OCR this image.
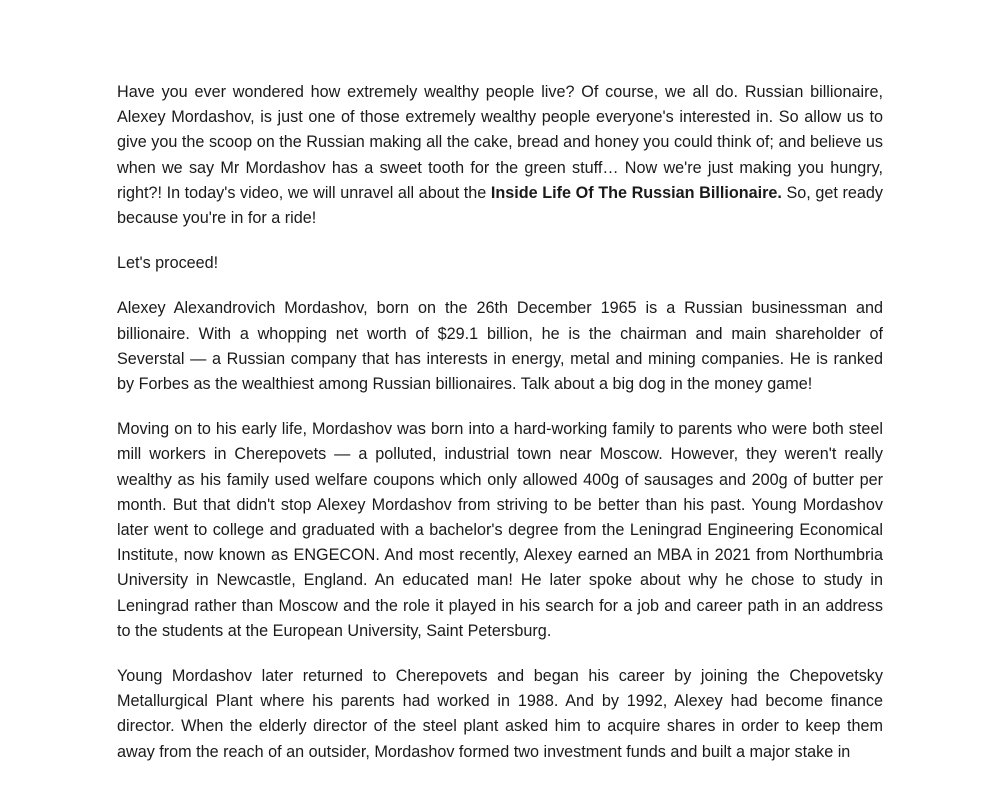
Have you ever wondered how extremely wealthy people live? Of course, we all do. Russian billionaire, Alexey Mordashov, is just one of those extremely wealthy people everyone's interested in. So allow us to give you the scoop on the Russian making all the cake, bread and honey you could think of; and believe us when we say Mr Mordashov has a sweet tooth for the green stuff… Now we're just making you hungry, right?! In today's video, we will unravel all about the Inside Life Of The Russian Billionaire. So, get ready because you're in for a ride!

Let's proceed!

Alexey Alexandrovich Mordashov, born on the 26th December 1965 is a Russian businessman and billionaire. With a whopping net worth of $29.1 billion, he is the chairman and main shareholder of Severstal — a Russian company that has interests in energy, metal and mining companies. He is ranked by Forbes as the wealthiest among Russian billionaires. Talk about a big dog in the money game!

Moving on to his early life, Mordashov was born into a hard-working family to parents who were both steel mill workers in Cherepovets — a polluted, industrial town near Moscow. However, they weren't really wealthy as his family used welfare coupons which only allowed 400g of sausages and 200g of butter per month. But that didn't stop Alexey Mordashov from striving to be better than his past. Young Mordashov later went to college and graduated with a bachelor's degree from the Leningrad Engineering Economical Institute, now known as ENGECON. And most recently, Alexey earned an MBA in 2021 from Northumbria University in Newcastle, England. An educated man! He later spoke about why he chose to study in Leningrad rather than Moscow and the role it played in his search for a job and career path in an address to the students at the European University, Saint Petersburg.

Young Mordashov later returned to Cherepovets and began his career by joining the Chepovetsky Metallurgical Plant where his parents had worked in 1988. And by 1992, Alexey had become finance director. When the elderly director of the steel plant asked him to acquire shares in order to keep them away from the reach of an outsider, Mordashov formed two investment funds and built a major stake in
